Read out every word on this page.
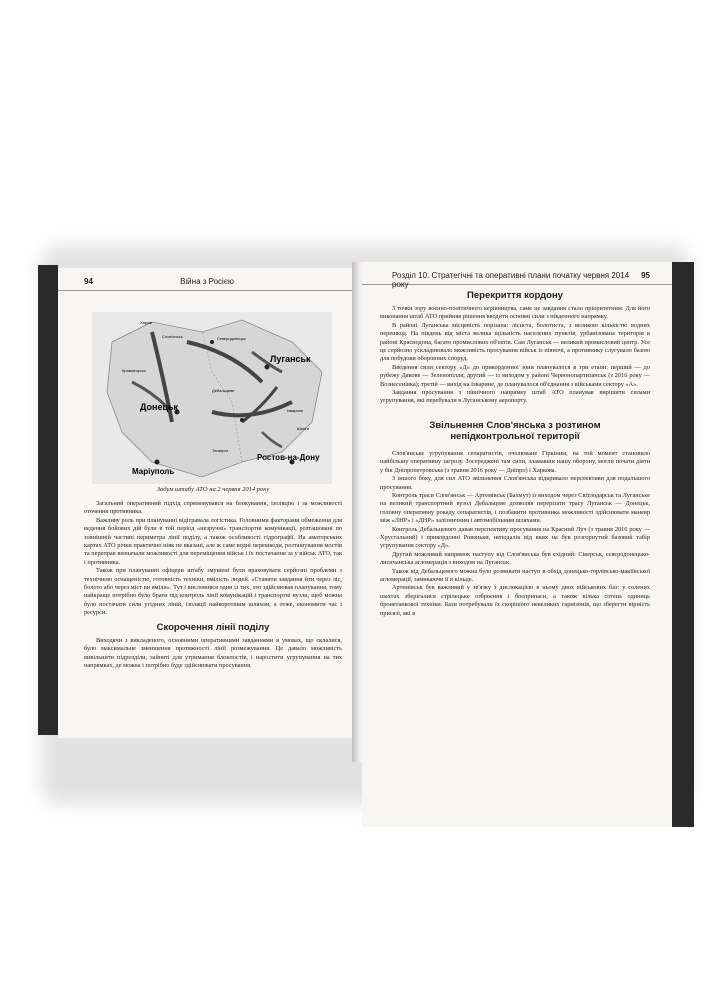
94	Війна з Росією
Луганськ
Донецьк
Ростов-на-Дону
Маріуполь
Слов'янськ
Краматорськ
Сєвєродонецьк
Дебальцеве
Ізварине
Шахти
Таганрог
Харків
Задум штабу АТО на 2 червня 2014 року

Загальний оперативний підхід спрямовувався на блокування, ізоляцію і за можливості оточення противника.

Важливу роль при плануванні відігравала логістика. Головними факторами обмеження для ведення бойових дій були в той період «незручні» транспортні комунікації, розташовані по зовнішній частині периметра лінії поділу, а також особливості гідрографії. На аматорських картах АТО річки практично ніяк не вказані, але ж саме водні перешкоди, розташування мостів та переправ визначали можливості для переміщення військ і їх постачання за у військ АТО, так і противника.

Також при плануванні офіцери штабу змушені були враховувати серйозні проблеми з технічною оснащеністю, готовність техніки, вмілість людей. «Ставити завдання йти через ліс, болото або через міст ви вміли». Тут і висловився один із тих, хто здійснював планування, тому найкраще потрібно було брати під контроль лінії комунікацій і транспортні вузли, щоб можна було постачати сили угідних ліній, ізоляції найкоротшим шляхом, а отже, економити час і ресурси.

Скорочення лінії поділу

Виходячи з викладеного, основними оперативними завданнями в умовах, що склалися, було максимальне зменшення протяжності лінії розмежування. Це давало можливість вивільнити підрозділи, зайняті для утримання блокпостів, і наростити угрупування на тих напрямках, де можна і потрібно буде здійснювати просування.

Розділ 10. Стратегічні та оперативні плани початку червня 2014 року
95
Перекриття кордону

З точки зору воєнно-політичного керівництва, саме це завдання стало пріоритетним. Для його виконання штаб АТО прийняв рішення вводити основні сили з південного напрямку.

В районі Луганська місцевість порізана: лісиста, болотиста, з великою кількістю водних перешкод. На південь від міста велика щільність населених пунктів, урбанізована територія в районі Краснодона, багато промислових об'єктів. Сам Луганськ — великий промисловий центр. Усе це серйозно ускладнювало можливість просування військ із півночі, а противнику слугувало базою для побудови оборонних споруд.

Введення сили сектору «Д» до прикордонної зони планувалося в три етапи: перший — до рубежу Дякове — Зеленопілля; другий — із виходом у районі Червонопартизанськ (з 2016 року — Вознесенівка); третій — вихід на Ізварине, де планувалося об'єднання з військами сектору «А».

Завдання просування з північного напрямку штаб АТО планував вирішити силами угрупування, які перебували в Луганському аеропорту.

Звільнення Слов'янська з розтином непідконтрольної території

Слов'янське угрупування сепаратистів, очолюване Гіркіним, на той момент становило найбільшу оперативну загрозу. Зосереджені там сили, зламавши нашу оборону, могли почати діяти у бік Дніпропетровська (з травня 2016 року — Дніпро) і Харкова.

З іншого боку, для сил АТО звільнення Слов'янська відкривало перспективи для подальшого просування.

Контроль траси Слов'янськ — Артемівськ (Бахмут) із виходом через Світлодарськ та Луганське на великий транспортний вузол Дебальцеве дозволяв перерізати трасу Луганськ — Донецьк, головну оперативну рокаду сепаратистів, і позбавити противника можливості здійснювати маневр між «ЛНР» і «ДНР» залізничним і автомобільним шляхами.

Контроль Дебальцевого давав перспективу просування на Красний Луч (з травня 2016 року — Хрустальний) і прикордонні Ровеньки, неподалік від яких на був розгорнутий базовий табір угрупування сектору «Д».

Другий можливий напрямок наступу від Слов'янська був східний: Сіверськ, сєвєродонецько-лисичанська агломерація з виходом на Луганськ.

Також від Дебальцевого можна було розвивати наступ в обхід донецько-горлівсько-макіївської агломерації, замикаючи її в кільце.

Артемівськ був важливий у зв'язку з дислокацією в ньому двох військових баз: у солених шахтах зберігалися стрілецьке озброєння і боєприпаси, а також кілька сотень одиниць бронетанкової техніки. Бази потребували їх скорішого невеликих гарнізонів, що зберегти вірність присязі, які в
